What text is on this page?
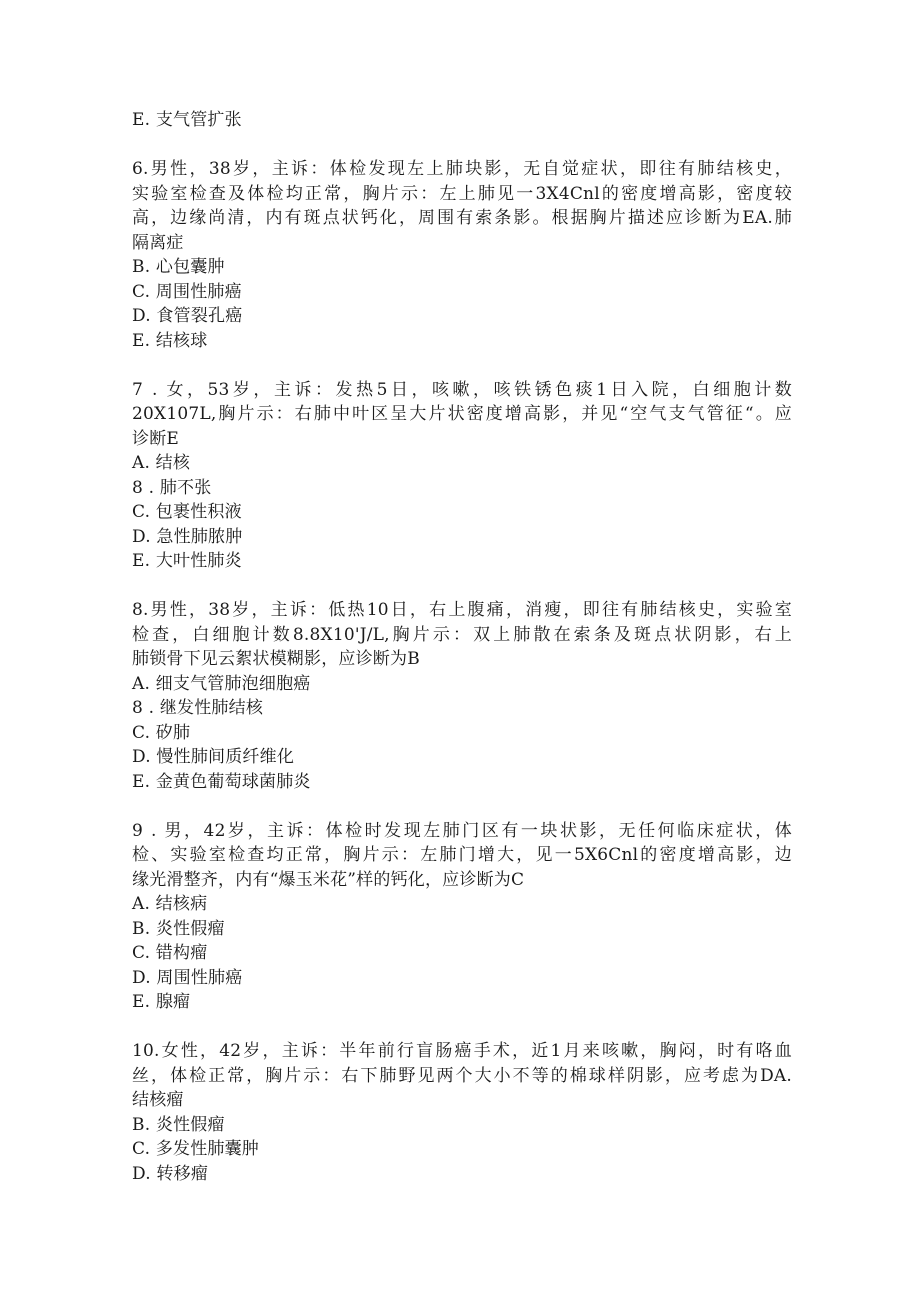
E. 支气管扩张
6.男性，38岁，主诉：体检发现左上肺块影，无自觉症状，即往有肺结核史，
实验室检查及体检均正常，胸片示：左上肺见一3X4Cnl的密度增高影，密度较
高，边缘尚清，内有斑点状钙化，周围有索条影。根据胸片描述应诊断为EA.肺
隔离症
B. 心包囊肿
C. 周围性肺癌
D. 食管裂孔癌
E. 结核球
7 . 女，53岁，主诉：发热5日，咳嗽，咳铁锈色痰1日入院，白细胞计数
20X107L,胸片示：右肺中叶区呈大片状密度增高影，并见“空气支气管征“。应
诊断E
A. 结核
8 . 肺不张
C. 包裹性积液
D. 急性肺脓肿
E. 大叶性肺炎
8.男性，38岁，主诉：低热10日，右上腹痛，消瘦，即往有肺结核史，实验室
检查，白细胞计数8.8X10'J/L,胸片示：双上肺散在索条及斑点状阴影，右上
肺锁骨下见云絮状模糊影，应诊断为B
A. 细支气管肺泡细胞癌
8 . 继发性肺结核
C. 矽肺
D. 慢性肺间质纤维化
E. 金黄色葡萄球菌肺炎
9 . 男，42岁，主诉：体检时发现左肺门区有一块状影，无任何临床症状，体
检、实验室检查均正常，胸片示：左肺门增大，见一5X6Cnl的密度增高影，边
缘光滑整齐，内有“爆玉米花”样的钙化，应诊断为C
A. 结核病
B. 炎性假瘤
C. 错构瘤
D. 周围性肺癌
E. 腺瘤
10.女性，42岁，主诉：半年前行盲肠癌手术，近1月来咳嗽，胸闷，时有咯血
丝，体检正常，胸片示：右下肺野见两个大小不等的棉球样阴影，应考虑为DA.
结核瘤
B. 炎性假瘤
C. 多发性肺囊肿
D. 转移瘤
